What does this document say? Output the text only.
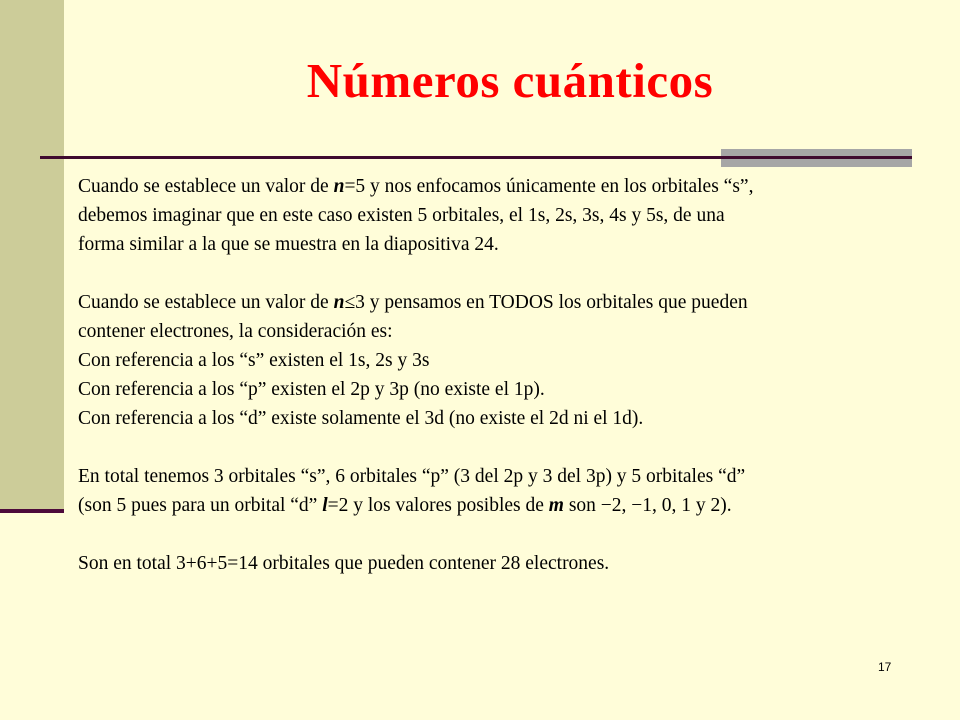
Números cuánticos
Cuando se establece un valor de n=5 y nos enfocamos únicamente en los orbitales “s”,
debemos imaginar que en este caso existen 5 orbitales, el 1s, 2s, 3s, 4s y 5s, de una
forma similar a la que se muestra en la diapositiva 24.
Cuando se establece un valor de n≤3 y pensamos en TODOS los orbitales que pueden
contener electrones, la consideración es:
Con referencia a los “s” existen el 1s, 2s y 3s
Con referencia a los “p” existen el 2p y 3p (no existe el 1p).
Con referencia a los “d” existe solamente el 3d (no existe el 2d ni el 1d).
En total tenemos 3 orbitales “s”, 6 orbitales “p” (3 del 2p y 3 del 3p) y 5 orbitales “d”
(son 5 pues para un orbital “d” l=2 y los valores posibles de m son −2, −1, 0, 1 y 2).
Son en total 3+6+5=14 orbitales que pueden contener 28 electrones.
17
